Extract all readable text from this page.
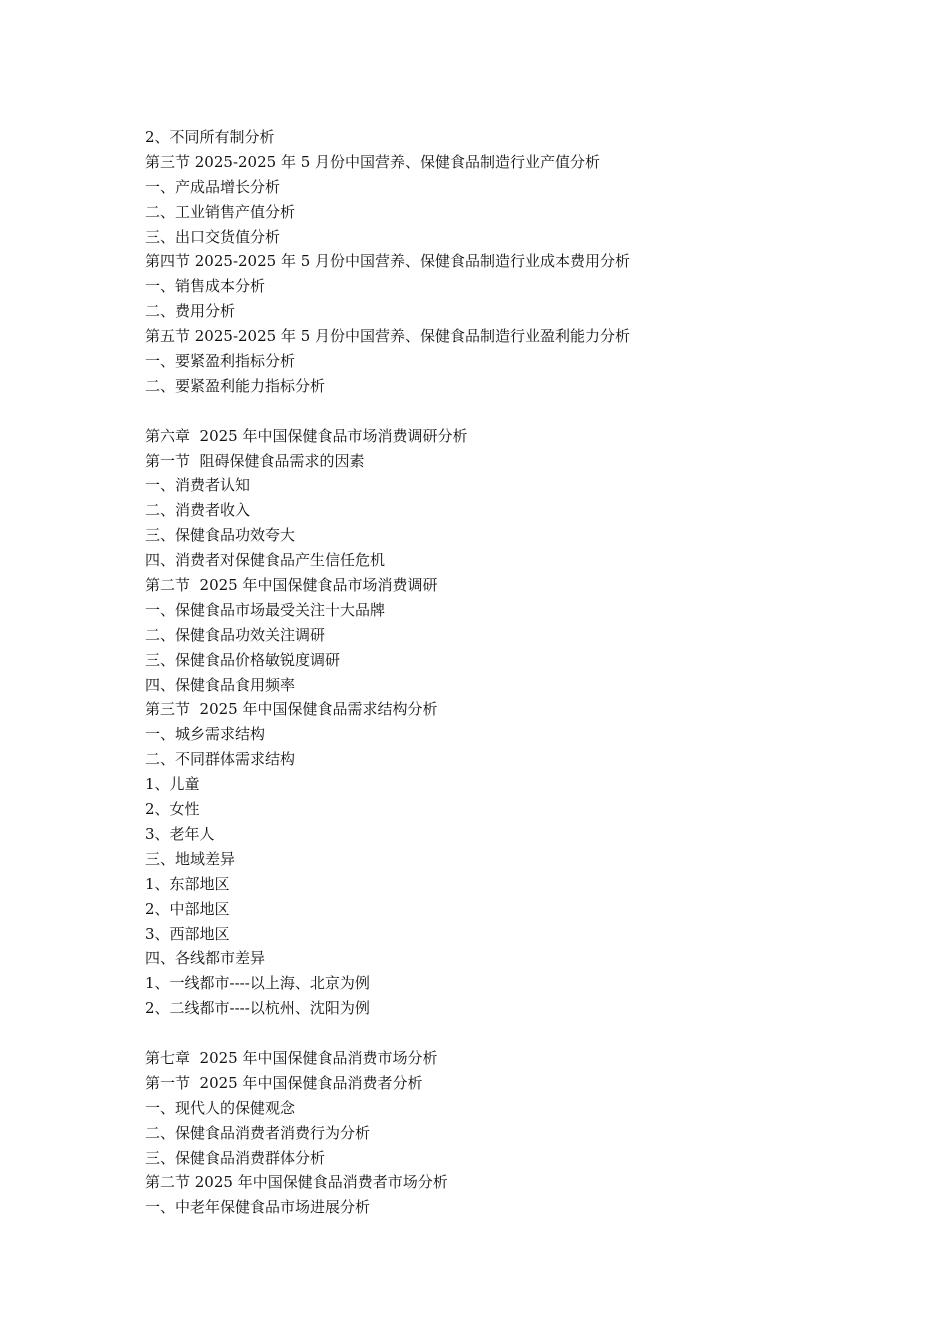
2、不同所有制分析
第三节 2025-2025 年 5 月份中国营养、保健食品制造行业产值分析
一、产成品增长分析
二、工业销售产值分析
三、出口交货值分析
第四节 2025-2025 年 5 月份中国营养、保健食品制造行业成本费用分析
一、销售成本分析
二、费用分析
第五节 2025-2025 年 5 月份中国营养、保健食品制造行业盈利能力分析
一、要紧盈利指标分析
二、要紧盈利能力指标分析
第六章  2025 年中国保健食品市场消费调研分析
第一节  阻碍保健食品需求的因素
一、消费者认知
二、消费者收入
三、保健食品功效夸大
四、消费者对保健食品产生信任危机
第二节  2025 年中国保健食品市场消费调研
一、保健食品市场最受关注十大品牌
二、保健食品功效关注调研
三、保健食品价格敏锐度调研
四、保健食品食用频率
第三节  2025 年中国保健食品需求结构分析
一、城乡需求结构
二、不同群体需求结构
1、儿童
2、女性
3、老年人
三、地域差异
1、东部地区
2、中部地区
3、西部地区
四、各线都市差异
1、一线都市----以上海、北京为例
2、二线都市----以杭州、沈阳为例
第七章  2025 年中国保健食品消费市场分析
第一节  2025 年中国保健食品消费者分析
一、现代人的保健观念
二、保健食品消费者消费行为分析
三、保健食品消费群体分析
第二节 2025 年中国保健食品消费者市场分析
一、中老年保健食品市场进展分析
